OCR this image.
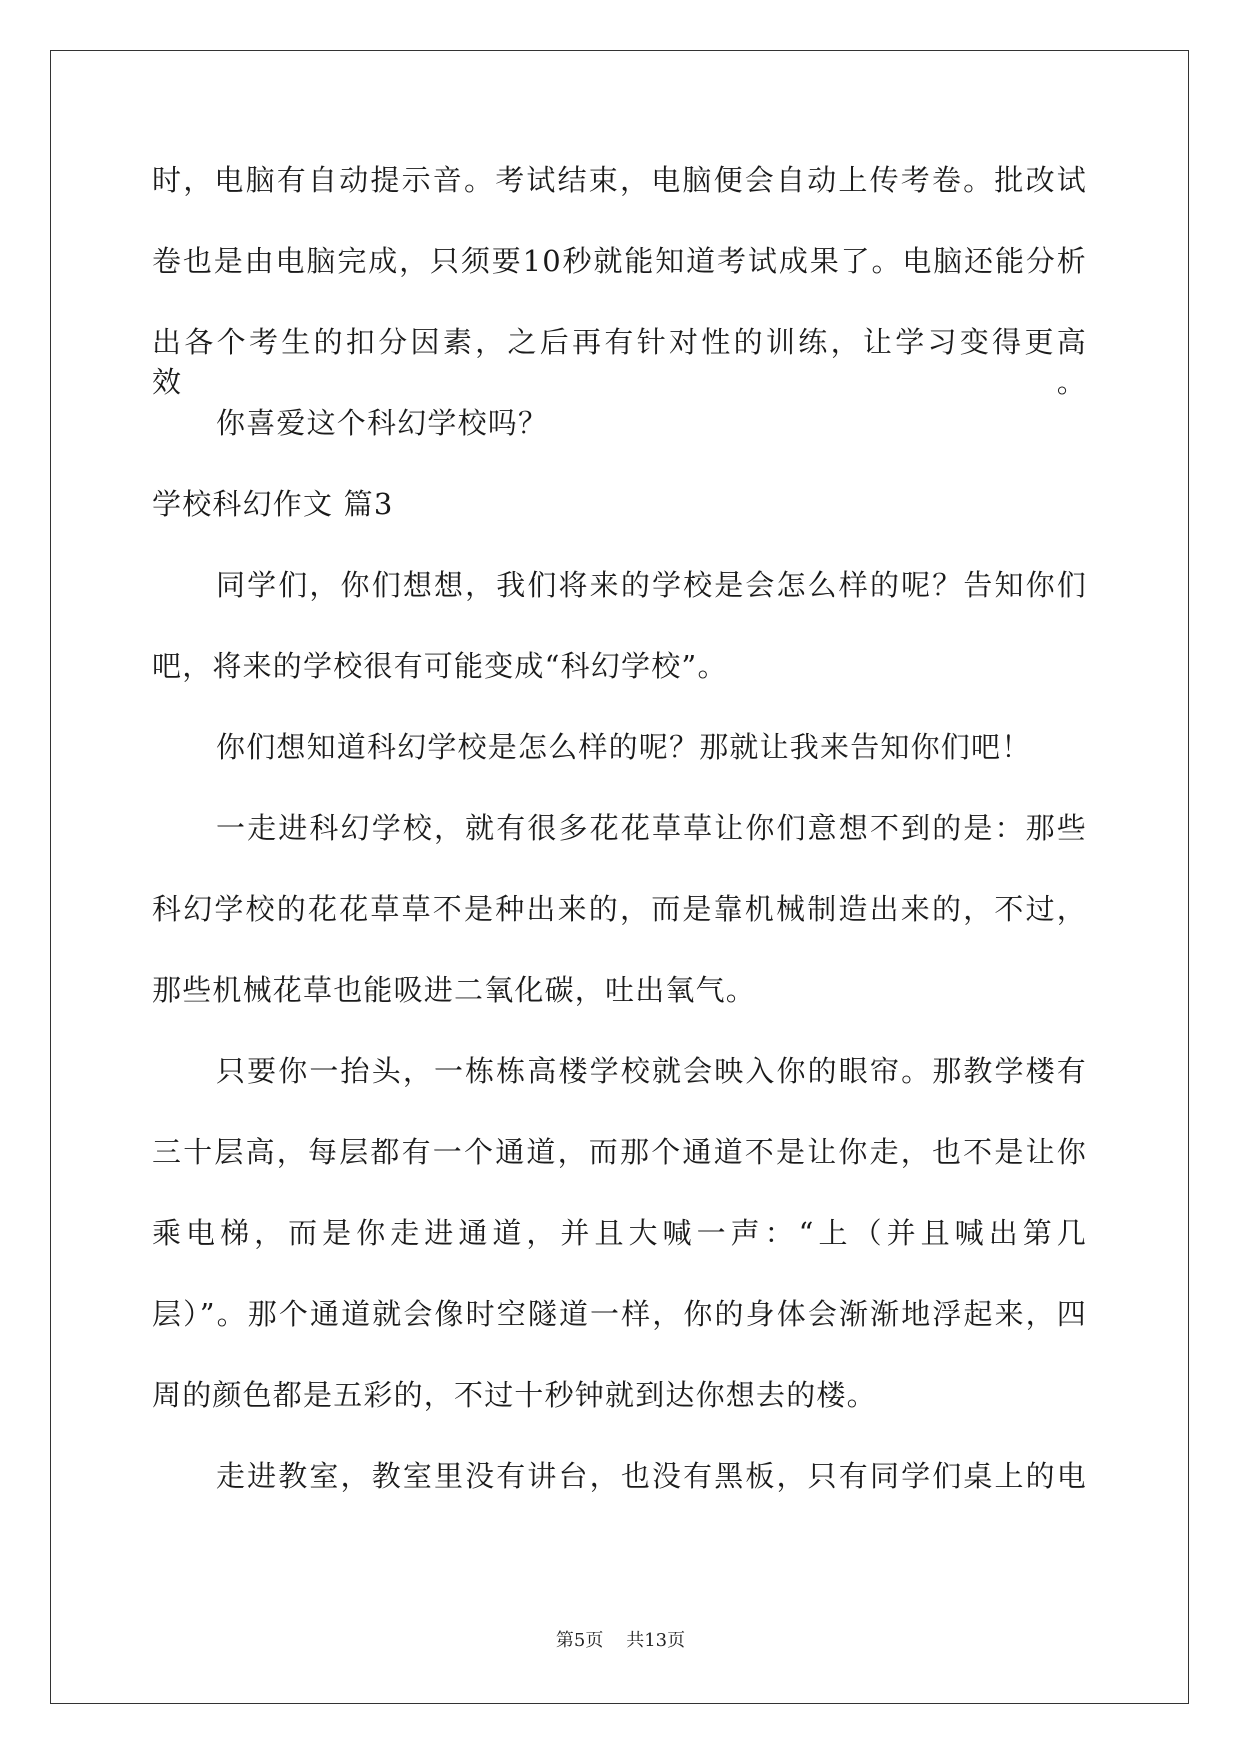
时，电脑有自动提示音。考试结束，电脑便会自动上传考卷。批改试
卷也是由电脑完成，只须要10秒就能知道考试成果了。电脑还能分析
出各个考生的扣分因素，之后再有针对性的训练，让学习变得更高效。
你喜爱这个科幻学校吗？
学校科幻作文 篇3
同学们，你们想想，我们将来的学校是会怎么样的呢？告知你们
吧，将来的学校很有可能变成“科幻学校”。
你们想知道科幻学校是怎么样的呢？那就让我来告知你们吧！
一走进科幻学校，就有很多花花草草让你们意想不到的是：那些
科幻学校的花花草草不是种出来的，而是靠机械制造出来的，不过，
那些机械花草也能吸进二氧化碳，吐出氧气。
只要你一抬头，一栋栋高楼学校就会映入你的眼帘。那教学楼有
三十层高，每层都有一个通道，而那个通道不是让你走，也不是让你
乘电梯，而是你走进通道，并且大喊一声：“上（并且喊出第几
层）”。那个通道就会像时空隧道一样，你的身体会渐渐地浮起来，四
周的颜色都是五彩的，不过十秒钟就到达你想去的楼。
走进教室，教室里没有讲台，也没有黑板，只有同学们桌上的电
第5页 共13页
